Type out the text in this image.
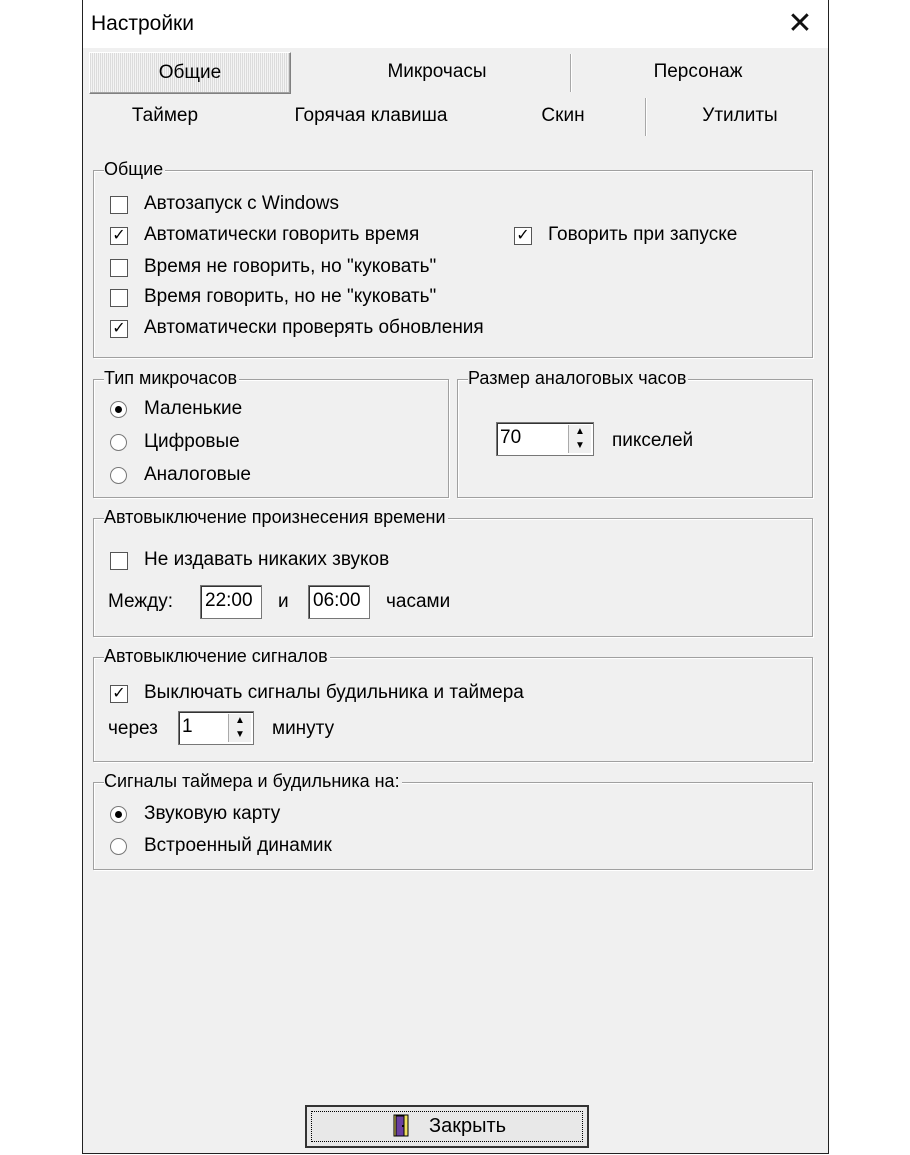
Настройки	✕
Общие	Микрочасы	Персонаж
Таймер	Горячая клавиша	Скин	Утилиты
Общие
Автозапуск с Windows
✓ Автоматически говорить время	✓ Говорить при запуске
Время не говорить, но "куковать"
Время говорить, но не "куковать"
✓ Автоматически проверять обновления
Тип микрочасов
Маленькие
Цифровые
Аналоговые
Размер аналоговых часов
70	▲
▼	пикселей
Автовыключение произнесения времени
Не издавать никаких звуков
Между: 22:00	и 06:00	часами
Автовыключение сигналов
✓ Выключать сигналы будильника и таймера
через 1	▲
▼	минуту
Сигналы таймера и будильника на:
Звуковую карту
Встроенный динамик
Закрыть
